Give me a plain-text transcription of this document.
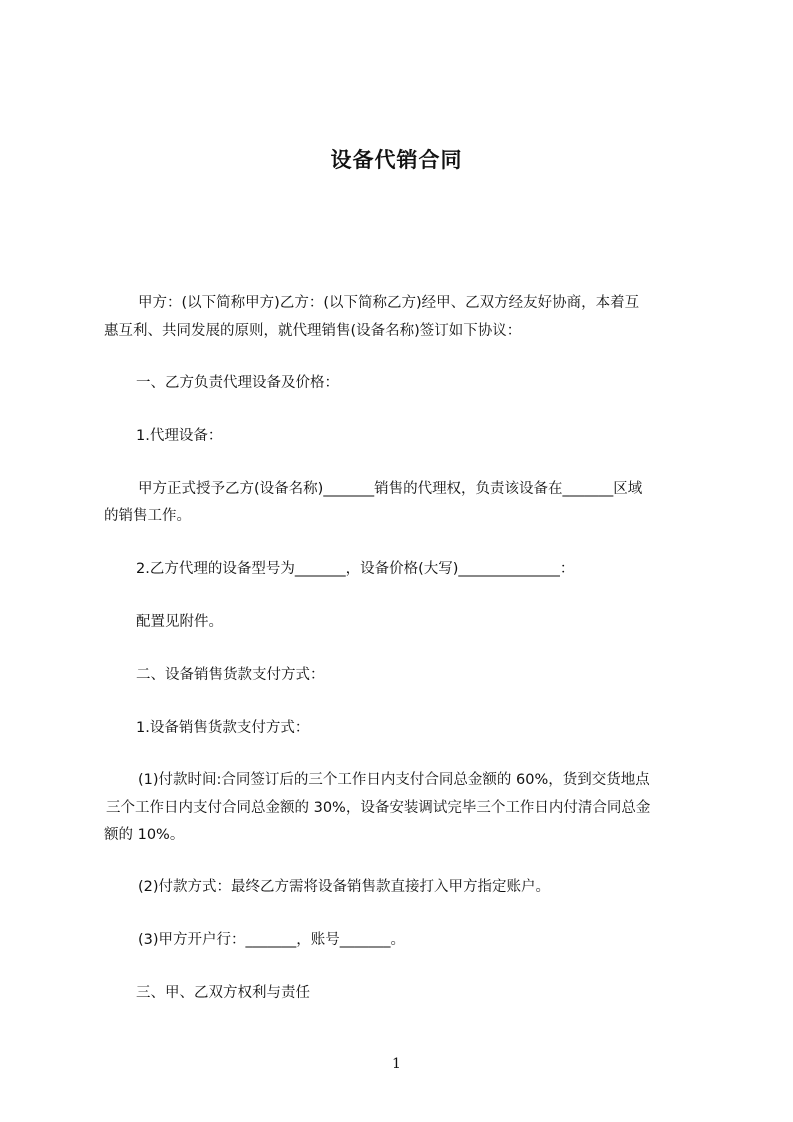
设备代销合同
甲方：(以下简称甲方)乙方：(以下简称乙方)经甲、乙双方经友好协商，本着互
惠互利、共同发展的原则，就代理销售(设备名称)签订如下协议：
一、乙方负责代理设备及价格：
1.代理设备：
甲方正式授予乙方(设备名称)_______销售的代理权，负责该设备在_______区域
的销售工作。
2.乙方代理的设备型号为_______，设备价格(大写)______________：
配置见附件。
二、设备销售货款支付方式：
1.设备销售货款支付方式：
(1)付款时间:合同签订后的三个工作日内支付合同总金额的 60%，货到交货地点
三个工作日内支付合同总金额的 30%，设备安装调试完毕三个工作日内付清合同总金
额的 10%。
(2)付款方式：最终乙方需将设备销售款直接打入甲方指定账户。
(3)甲方开户行：_______，账号_______。
三、甲、乙双方权利与责任
1
